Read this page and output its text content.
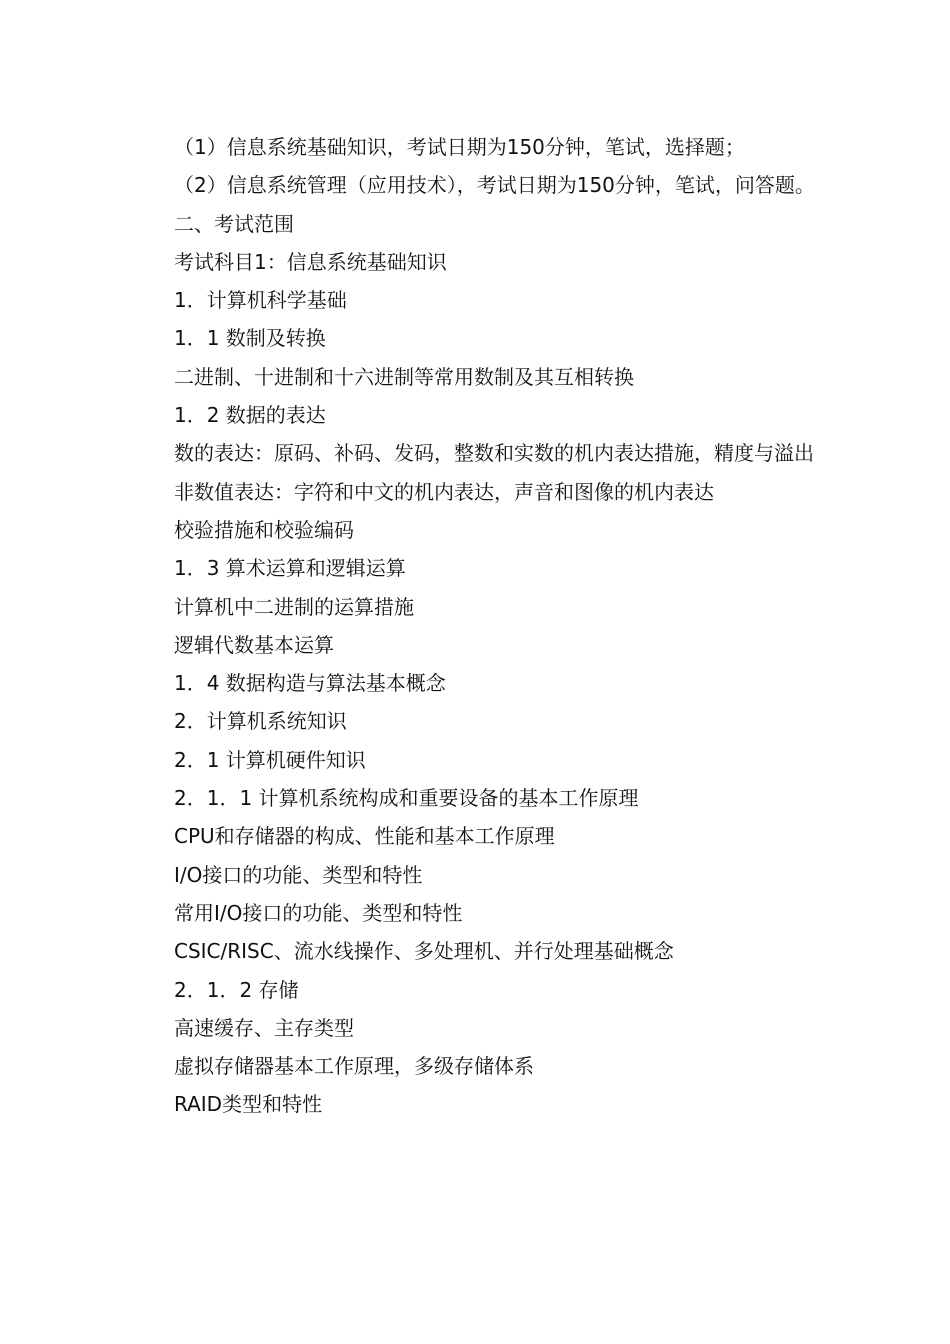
（1）信息系统基础知识，考试日期为150分钟，笔试，选择题；

（2）信息系统管理（应用技术），考试日期为150分钟，笔试，问答题。

二、考试范围

考试科目1：信息系统基础知识

1．计算机科学基础

1．1 数制及转换

二进制、十进制和十六进制等常用数制及其互相转换

1．2 数据的表达

数的表达：原码、补码、发码，整数和实数的机内表达措施，精度与溢出

非数值表达：字符和中文的机内表达，声音和图像的机内表达

校验措施和校验编码

1．3 算术运算和逻辑运算

计算机中二进制的运算措施

逻辑代数基本运算

1．4 数据构造与算法基本概念

2．计算机系统知识

2．1 计算机硬件知识

2．1．1 计算机系统构成和重要设备的基本工作原理

CPU和存储器的构成、性能和基本工作原理

I/O接口的功能、类型和特性

常用I/O接口的功能、类型和特性

CSIC/RISC、流水线操作、多处理机、并行处理基础概念

2．1．2 存储

高速缓存、主存类型

虚拟存储器基本工作原理，多级存储体系

RAID类型和特性
